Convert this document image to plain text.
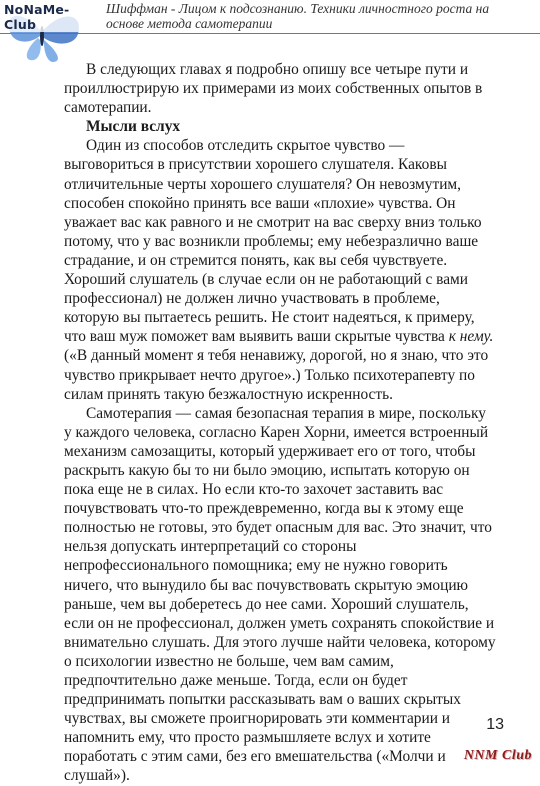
Шиффман - Лицом к подсознанию. Техники личностного роста на
основе метода самотерапии
NoNaMe-Club

В следующих главах я подробно опишу все четыре пути и проиллюстрирую их примерами из моих собственных опытов в самотерапии.

Мысли вслух

Один из способов отследить скрытое чувство — выговориться в присутствии хорошего слушателя. Каковы отличительные черты хорошего слушателя? Он невозмутим, способен спокойно принять все ваши «плохие» чувства. Он уважает вас как равного и не смотрит на вас сверху вниз только потому, что у вас возникли проблемы; ему небезразлично ваше страдание, и он стремится понять, как вы себя чувствуете. Хороший слушатель (в случае если он не работающий с вами профессионал) не должен лично участвовать в проблеме, которую вы пытаетесь решить. Не стоит надеяться, к примеру, что ваш муж поможет вам выявить ваши скрытые чувства к нему. («В данный момент я тебя ненавижу, дорогой, но я знаю, что это чувство прикрывает нечто другое».) Только психотерапевту по силам принять такую безжалостную искренность.

Самотерапия — самая безопасная терапия в мире, поскольку у каждого человека, согласно Карен Хорни, имеется встроенный механизм самозащиты, который удерживает его от того, чтобы раскрыть какую бы то ни было эмоцию, испытать которую он пока еще не в силах. Но если кто-то захочет заставить вас почувствовать что-то преждевременно, когда вы к этому еще полностью не готовы, это будет опасным для вас. Это значит, что нельзя допускать интерпретаций со стороны непрофессионального помощника; ему не нужно говорить ничего, что вынудило бы вас почувствовать скрытую эмоцию раньше, чем вы доберетесь до нее сами. Хороший слушатель, если он не профессионал, должен уметь сохранять спокойствие и внимательно слушать. Для этого лучше найти человека, которому о психологии известно не больше, чем вам самим, предпочтительно даже меньше. Тогда, если он будет предпринимать попытки рассказывать вам о ваших скрытых чувствах, вы сможете проигнорировать эти комментарии и напомнить ему, что просто размышляете вслух и хотите поработать с этим сами, без его вмешательства («Молчи и слушай»).

13
NNM Club
